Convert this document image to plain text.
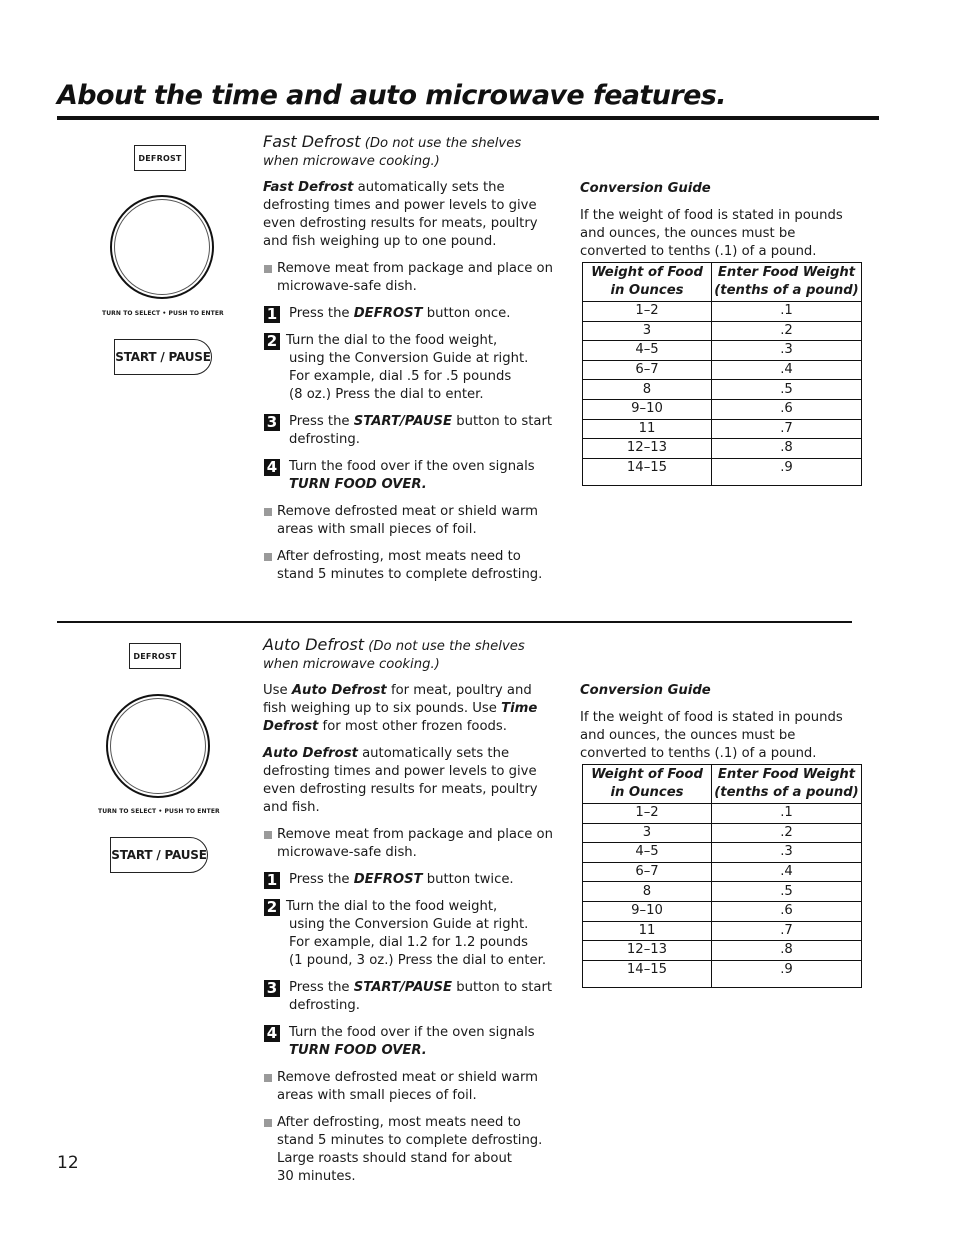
About the time and auto microwave features.
DEFROST
TURN TO SELECT • PUSH TO ENTER
START / PAUSE
Fast Defrost (Do not use the shelves when microwave cooking.)

Fast Defrost automatically sets the defrosting times and power levels to give even defrosting results for meats, poultry and fish weighing up to one pound.

Remove meat from package and place on microwave-safe dish.
1 Press the DEFROST button once.
2 Turn the dial to the food weight,
using the Conversion Guide at right.
For example, dial .5 for .5 pounds
(8 oz.) Press the dial to enter.
3 Press the START/PAUSE button to start defrosting.
4 Turn the food over if the oven signals TURN FOOD OVER.
Remove defrosted meat or shield warm areas with small pieces of foil.
After defrosting, most meats need to stand 5 minutes to complete defrosting.
Conversion Guide
If the weight of food is stated in pounds and ounces, the ounces must be converted to tenths (.1) of a pound.
Weight of Food in Ounces	Enter Food Weight (tenths of a pound)
1–2	.1
3	.2
4–5	.3
6–7	.4
8	.5
9–10	.6
11	.7
12–13	.8
14–15	.9
DEFROST
TURN TO SELECT • PUSH TO ENTER
START / PAUSE
Auto Defrost (Do not use the shelves when microwave cooking.)

Use Auto Defrost for meat, poultry and fish weighing up to six pounds. Use Time Defrost for most other frozen foods.

Auto Defrost automatically sets the defrosting times and power levels to give even defrosting results for meats, poultry and fish.

Remove meat from package and place on microwave-safe dish.
1 Press the DEFROST button twice.
2 Turn the dial to the food weight,
using the Conversion Guide at right.
For example, dial 1.2 for 1.2 pounds
(1 pound, 3 oz.) Press the dial to enter.
3 Press the START/PAUSE button to start defrosting.
4 Turn the food over if the oven signals TURN FOOD OVER.
Remove defrosted meat or shield warm areas with small pieces of foil.
After defrosting, most meats need to stand 5 minutes to complete defrosting. Large roasts should stand for about
30 minutes.
Conversion Guide
If the weight of food is stated in pounds and ounces, the ounces must be converted to tenths (.1) of a pound.
Weight of Food in Ounces	Enter Food Weight (tenths of a pound)
1–2	.1
3	.2
4–5	.3
6–7	.4
8	.5
9–10	.6
11	.7
12–13	.8
14–15	.9
12
